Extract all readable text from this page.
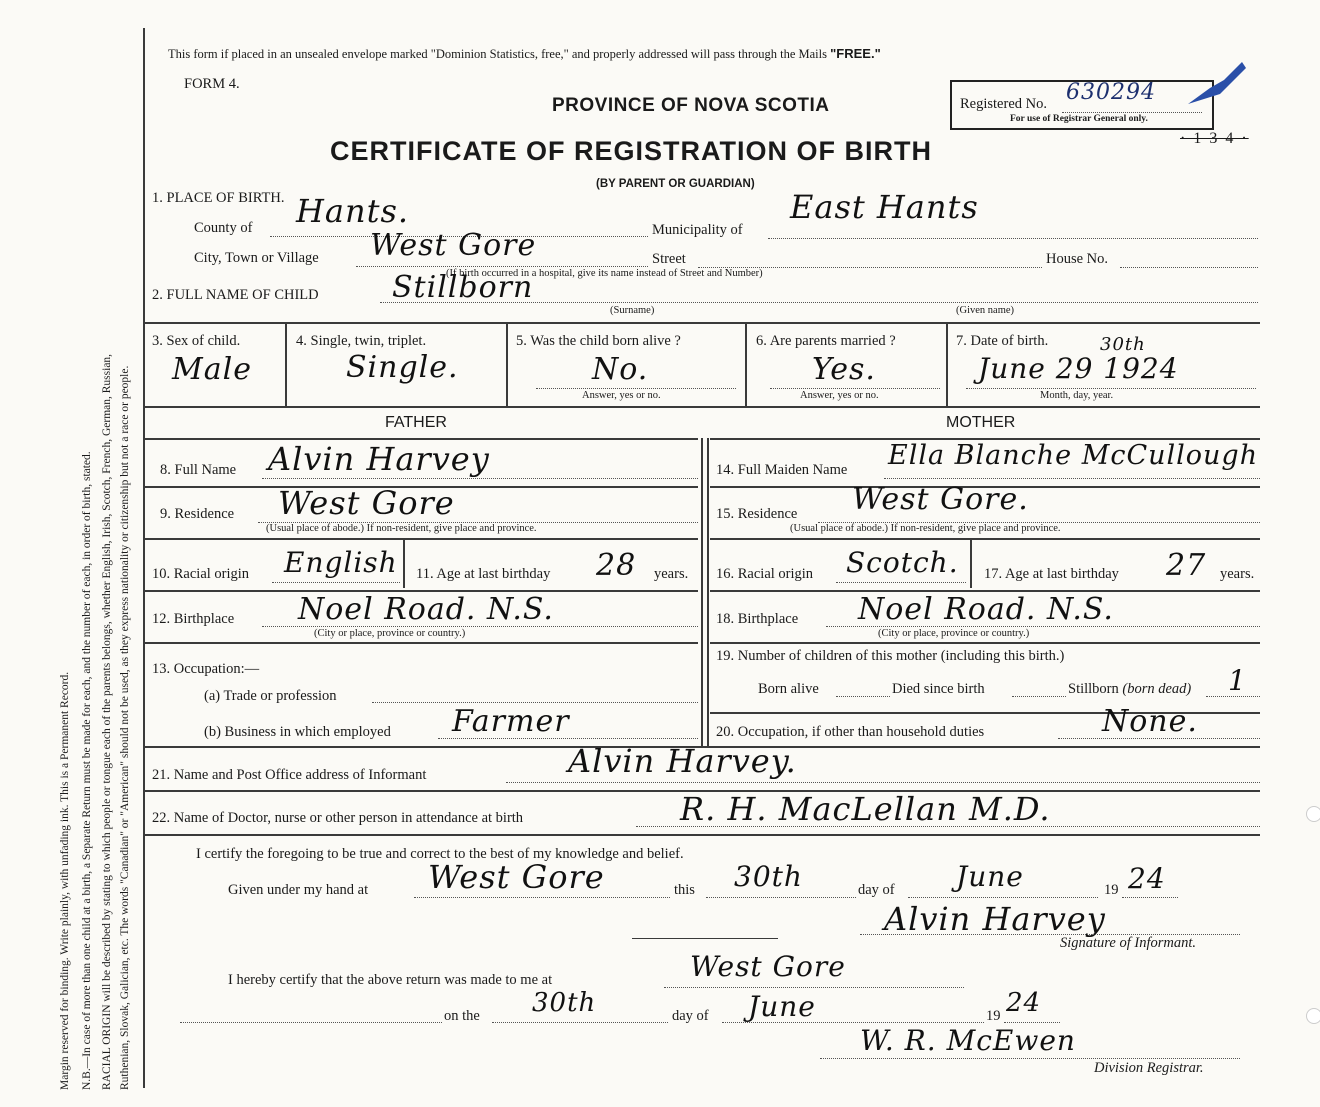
Margin reserved for binding. Write plainly, with unfading ink. This is a Permanent Record. N.B.—In case of more than one child at a birth, a Separate Return must be made for each, and the number of each, in order of birth, stated. RACIAL ORIGIN will be described by stating to which people or tongue each of the parents belongs, whether English, Irish, Scotch, French, German, Russian, Ruthenian, Slovak, Galician, etc. The words "Canadian" or "American" should not be used, as they express nationality or citizenship but not a race or people.
This form if placed in an unsealed envelope marked "Dominion Statistics, free," and properly addressed will pass through the Mails "FREE."
FORM 4.
PROVINCE OF NOVA SCOTIA
CERTIFICATE OF REGISTRATION OF BIRTH
(BY PARENT OR GUARDIAN)
Registered No. 630294
For use of Registrar General only.
· 1 3 4 ·
1. PLACE OF BIRTH.
County of Hants.	Municipality of
East Hants
City, Town or Village West Gore	Street	House No.
(If birth occurred in a hospital, give its name instead of Street and Number)
2. FULL NAME OF CHILD Stillborn
(Surname)	(Given name)
3. Sex of child.
Male
4. Single, twin, triplet.
Single.
5. Was the child born alive ?
No.
Answer, yes or no.
6. Are parents married ?
Yes.
Answer, yes or no.
7. Date of birth.
June 29 1924
30th
Month, day, year.
FATHER	MOTHER
8. Full Name Alvin Harvey
9. Residence West Gore
(Usual place of abode.) If non-resident, give place and province.
10. Racial origin English 11. Age at last birthday 28 years.
12. Birthplace Noel Road. N.S.
(City or place, province or country.)
13. Occupation:—
(a) Trade or profession
(b) Business in which employed Farmer
14. Full Maiden Name Ella Blanche McCullough
15. Residence West Gore.
(Usual place of abode.) If non-resident, give place and province.
16. Racial origin Scotch. 17. Age at last birthday 27 years.
18. Birthplace Noel Road. N.S.
(City or place, province or country.)
19. Number of children of this mother (including this birth.)
Born alive	Died since birth	Stillborn (born dead) 1
20. Occupation, if other than household duties	None.
21. Name and Post Office address of Informant	Alvin Harvey.
22. Name of Doctor, nurse or other person in attendance at birth	R. H. MacLellan M.D.
I certify the foregoing to be true and correct to the best of my knowledge and belief.
Given under my hand at West Gore	this 30th	day of June	19 24
Alvin Harvey
Signature of Informant.
I hereby certify that the above return was made to me at	West Gore
on the 30th	day of June	19 24
W. R. McEwen
Division Registrar.
